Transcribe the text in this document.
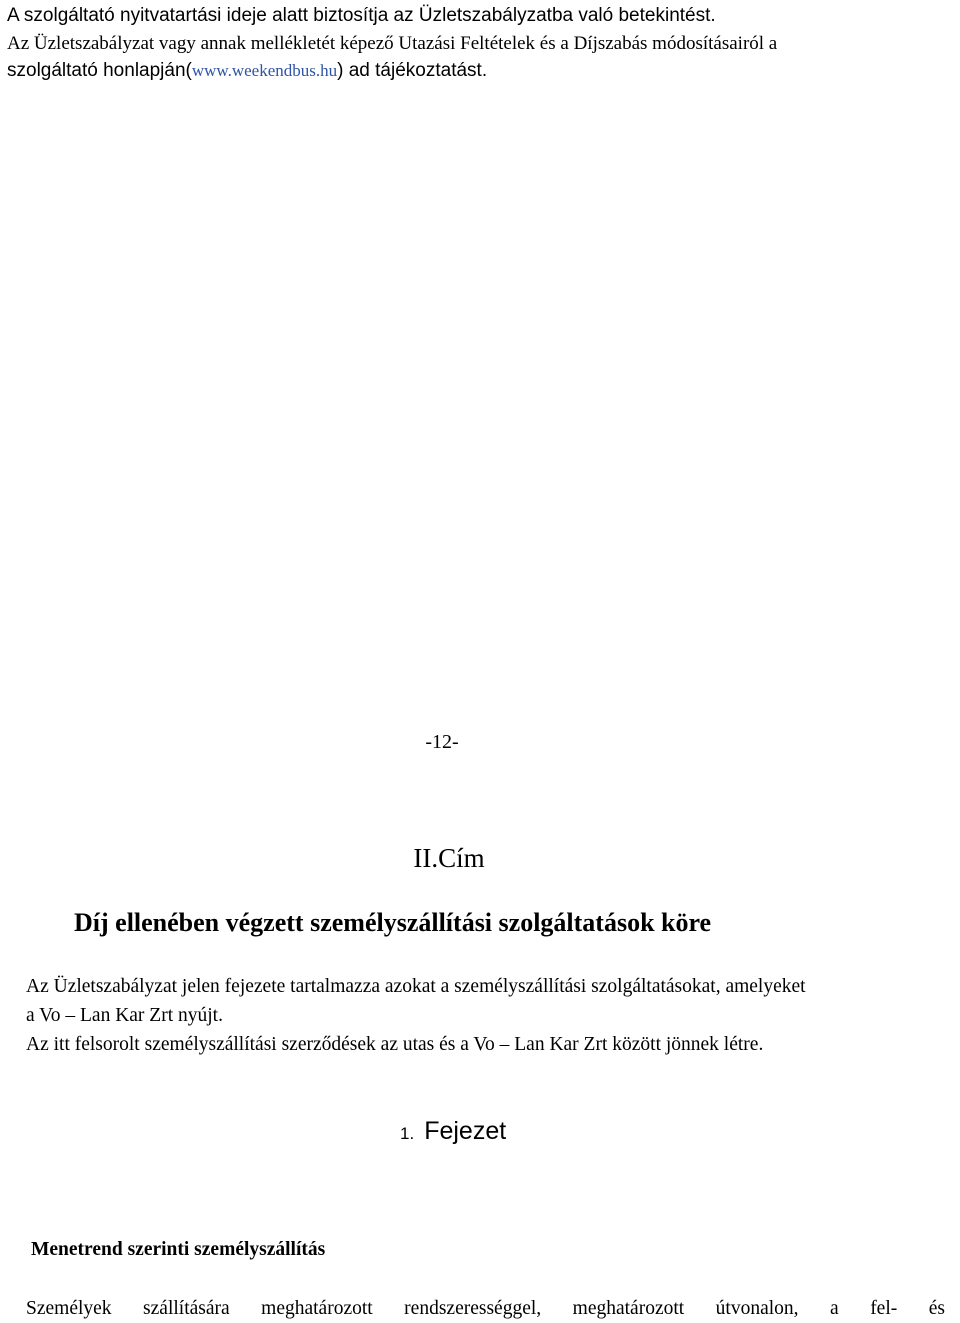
A szolgáltató nyitvatartási ideje alatt biztosítja az Üzletszabályzatba való betekintést.
Az Üzletszabályzat vagy annak mellékletét képező Utazási Feltételek és a Díjszabás módosításairól a
szolgáltató honlapján(www.weekendbus.hu) ad tájékoztatást.
-12-
II.Cím
Díj ellenében végzett személyszállítási szolgáltatások köre
Az Üzletszabályzat jelen fejezete tartalmazza azokat a személyszállítási szolgáltatásokat, amelyeket
a Vo – Lan Kar Zrt nyújt.
Az itt felsorolt személyszállítási szerződések az utas és a Vo – Lan Kar Zrt között jönnek létre.
1. Fejezet
Menetrend szerinti személyszállítás
Személyek szállítására meghatározott rendszerességgel, meghatározott útvonalon, a fel- és
